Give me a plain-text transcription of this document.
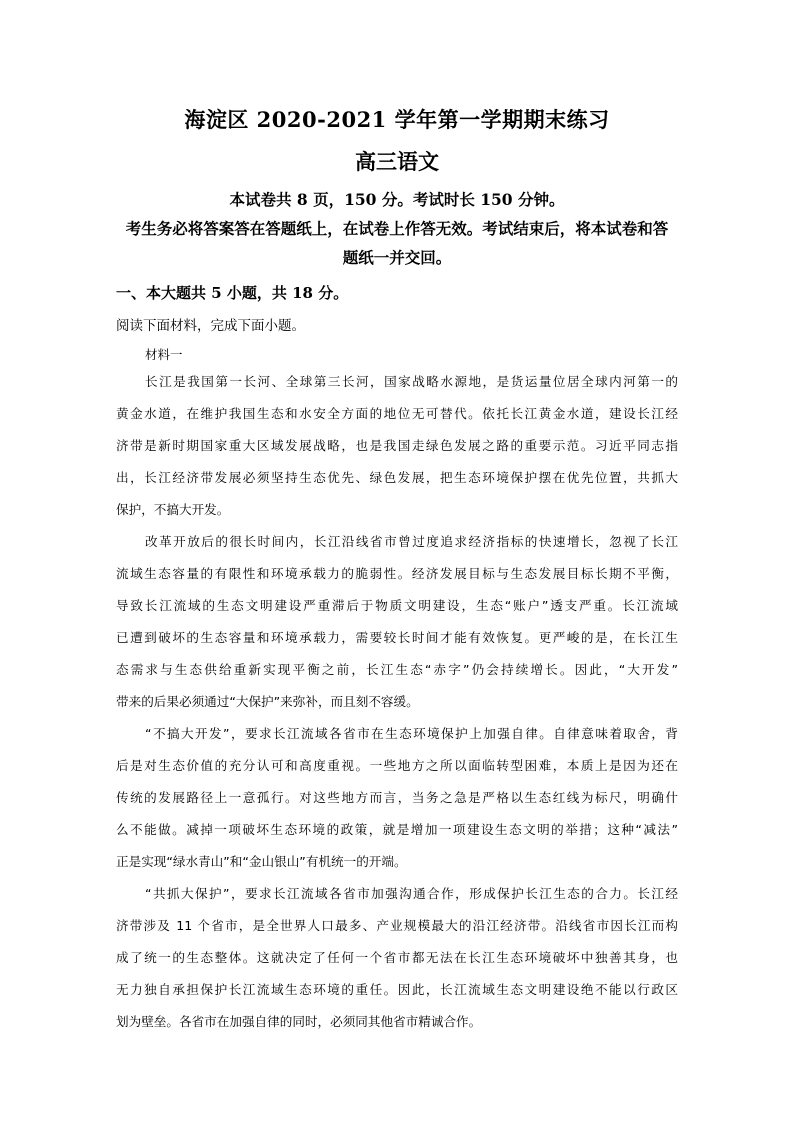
海淀区 2020-2021 学年第一学期期末练习
高三语文

本试卷共 8 页，150 分。考试时长 150 分钟。

考生务必将答案答在答题纸上，在试卷上作答无效。考试结束后，将本试卷和答

题纸一并交回。

一、本大题共 5 小题，共 18 分。

阅读下面材料，完成下面小题。

材料一

长江是我国第一长河、全球第三长河，国家战略水源地，是货运量位居全球内河第一的

黄金水道，在维护我国生态和水安全方面的地位无可替代。依托长江黄金水道，建设长江经

济带是新时期国家重大区域发展战略，也是我国走绿色发展之路的重要示范。习近平同志指

出，长江经济带发展必须坚持生态优先、绿色发展，把生态环境保护摆在优先位置，共抓大

保护，不搞大开发。

改革开放后的很长时间内，长江沿线省市曾过度追求经济指标的快速增长，忽视了长江

流域生态容量的有限性和环境承载力的脆弱性。经济发展目标与生态发展目标长期不平衡，

导致长江流域的生态文明建设严重滞后于物质文明建设，生态“账户”透支严重。长江流域

已遭到破坏的生态容量和环境承载力，需要较长时间才能有效恢复。更严峻的是，在长江生

态需求与生态供给重新实现平衡之前，长江生态“赤字”仍会持续增长。因此，“大开发”

带来的后果必须通过“大保护”来弥补，而且刻不容缓。

“不搞大开发”，要求长江流域各省市在生态环境保护上加强自律。自律意味着取舍，背

后是对生态价值的充分认可和高度重视。一些地方之所以面临转型困难，本质上是因为还在

传统的发展路径上一意孤行。对这些地方而言，当务之急是严格以生态红线为标尺，明确什

么不能做。减掉一项破坏生态环境的政策，就是增加一项建设生态文明的举措；这种“减法”

正是实现“绿水青山”和“金山银山”有机统一的开端。

“共抓大保护”，要求长江流域各省市加强沟通合作，形成保护长江生态的合力。长江经

济带涉及 11 个省市，是全世界人口最多、产业规模最大的沿江经济带。沿线省市因长江而构

成了统一的生态整体。这就决定了任何一个省市都无法在长江生态环境破坏中独善其身，也

无力独自承担保护长江流域生态环境的重任。因此，长江流域生态文明建设绝不能以行政区

划为壁垒。各省市在加强自律的同时，必须同其他省市精诚合作。
